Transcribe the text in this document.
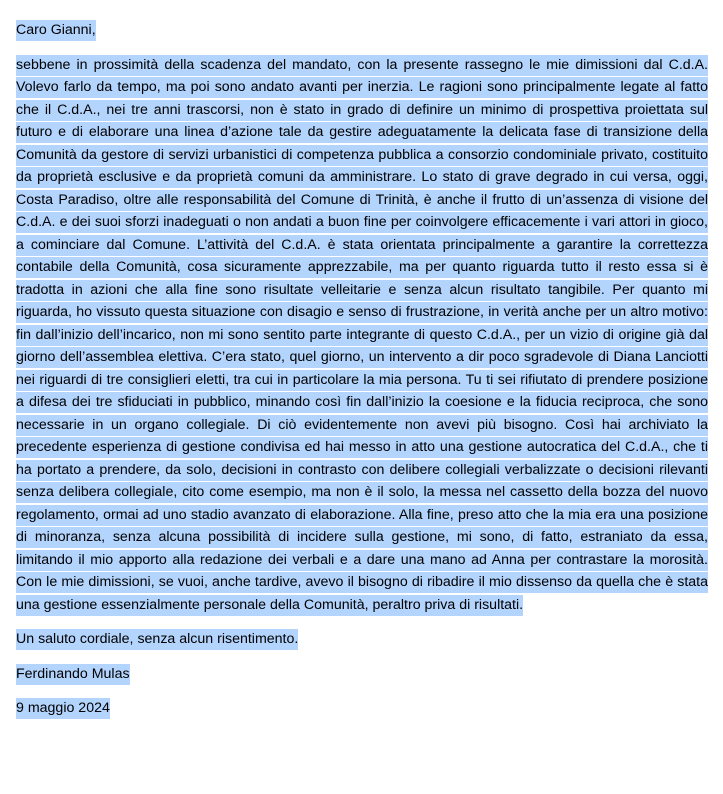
Caro Gianni,

sebbene in prossimità della scadenza del mandato, con la presente rassegno le mie dimissioni dal C.d.A. Volevo farlo da tempo, ma poi sono andato avanti per inerzia. Le ragioni sono principalmente legate al fatto che il C.d.A., nei tre anni trascorsi, non è stato in grado di definire un minimo di prospettiva proiettata sul futuro e di elaborare una linea d’azione tale da gestire adeguatamente la delicata fase di transizione della Comunità da gestore di servizi urbanistici di competenza pubblica a consorzio condominiale privato, costituito da proprietà esclusive e da proprietà comuni da amministrare. Lo stato di grave degrado in cui versa, oggi, Costa Paradiso, oltre alle responsabilità del Comune di Trinità, è anche il frutto di un’assenza di visione del C.d.A. e dei suoi sforzi inadeguati o non andati a buon fine per coinvolgere efficacemente i vari attori in gioco, a cominciare dal Comune. L’attività del C.d.A. è stata orientata principalmente a garantire la correttezza contabile della Comunità, cosa sicuramente apprezzabile, ma per quanto riguarda tutto il resto essa si è tradotta in azioni che alla fine sono risultate velleitarie e senza alcun risultato tangibile. Per quanto mi riguarda, ho vissuto questa situazione con disagio e senso di frustrazione, in verità anche per un altro motivo: fin dall’inizio dell’incarico, non mi sono sentito parte integrante di questo C.d.A., per un vizio di origine già dal giorno dell’assemblea elettiva. C’era stato, quel giorno, un intervento a dir poco sgradevole di Diana Lanciotti nei riguardi di tre consiglieri eletti, tra cui in particolare la mia persona. Tu ti sei rifiutato di prendere posizione a difesa dei tre sfiduciati in pubblico, minando così fin dall’inizio la coesione e la fiducia reciproca, che sono necessarie in un organo collegiale. Di ciò evidentemente non avevi più bisogno. Così hai archiviato la precedente esperienza di gestione condivisa ed hai messo in atto una gestione autocratica del C.d.A., che ti ha portato a prendere, da solo, decisioni in contrasto con delibere collegiali verbalizzate o decisioni rilevanti senza delibera collegiale, cito come esempio, ma non è il solo, la messa nel cassetto della bozza del nuovo regolamento, ormai ad uno stadio avanzato di elaborazione. Alla fine, preso atto che la mia era una posizione di minoranza, senza alcuna possibilità di incidere sulla gestione, mi sono, di fatto, estraniato da essa, limitando il mio apporto alla redazione dei verbali e a dare una mano ad Anna per contrastare la morosità. Con le mie dimissioni, se vuoi, anche tardive, avevo il bisogno di ribadire il mio dissenso da quella che è stata una gestione essenzialmente personale della Comunità, peraltro priva di risultati.

Un saluto cordiale, senza alcun risentimento.

Ferdinando Mulas

9 maggio 2024
